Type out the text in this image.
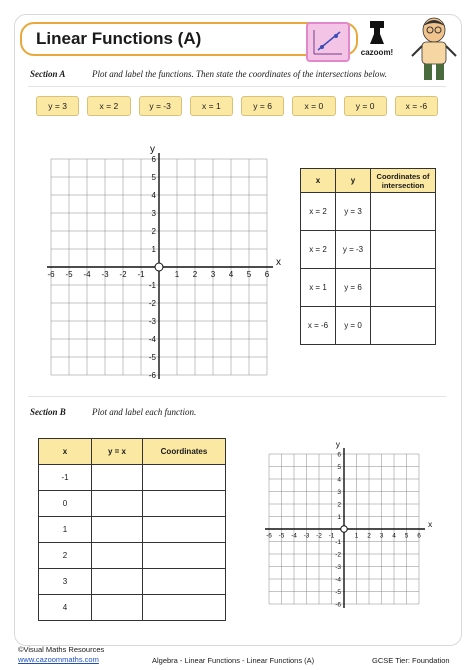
Linear Functions (A)
cazoom!
Section A	Plot and label the functions. Then state the coordinates of the intersections below.
y = 3	x = 2	y = -3	x = 1	y = 6	x = 0	y = 0	x = -6
-6 -5 -4 -3 -2 -1	1 2 3 4 5 6
6
5
4
3
2
1
-1
-2
-3
-4
-5
-6
x
y
x	y	Coordinates of intersection
x = 2	y = 3	
x = 2	y = -3	
x = 1	y = 6	
x = -6	y = 0	
Section B	Plot and label each function.
x	y = x	Coordinates
-1		
0		
1		
2		
3		
4		
-6 -5 -4 -3 -2 -1	1 2 3 4 5 6
6
5
4
3
2
1
-1
-2
-3
-4
-5
-6
x
y
©Visual Maths Resources
www.cazoommaths.com	Algebra - Linear Functions - Linear Functions (A)	GCSE Tier: Foundation
